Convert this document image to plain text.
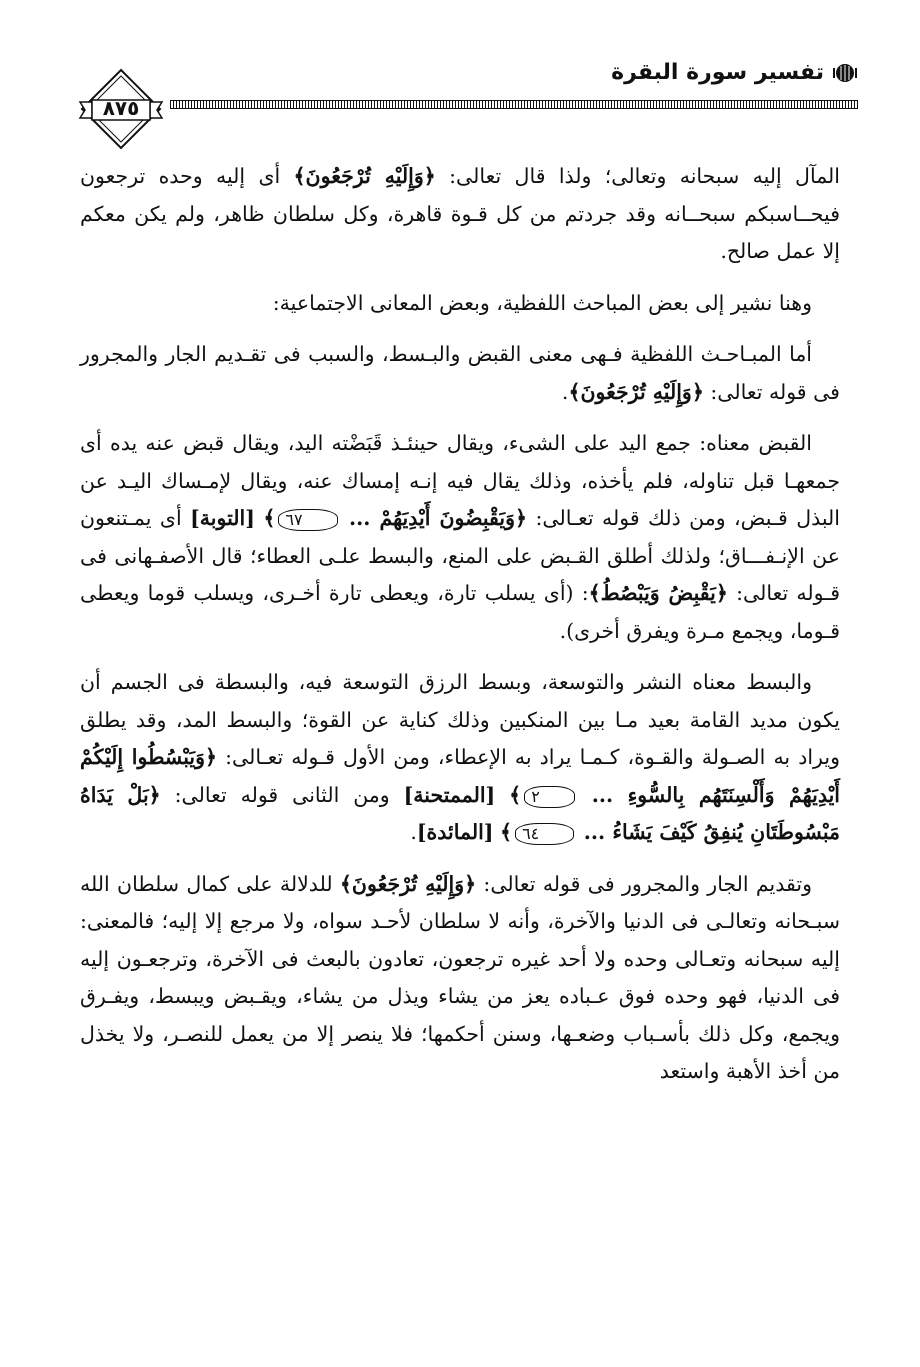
تفسير سورة البقرة
٨٧٥

المآل إليه سبحانه وتعالى؛ ولذا قال تعالى: ﴿وَإِلَيْهِ تُرْجَعُونَ﴾ أى إليه وحده ترجعون فيحــاسبكم سبحــانه وقد جردتم من كل قـوة قاهرة، وكل سلطان ظاهر، ولم يكن معكم إلا عمل صالح.

وهنا نشير إلى بعض المباحث اللفظية، وبعض المعانى الاجتماعية:

أما المبـاحـث اللفظية فـهى معنى القبض والبـسط، والسبب فى تقـديم الجار والمجرور فى قوله تعالى: ﴿وَإِلَيْهِ تُرْجَعُونَ﴾.

القبض معناه: جمع اليد على الشىء، ويقال حينئـذ قَبَضْته اليد، ويقال قبض عنه يده أى جمعهـا قبل تناوله، فلم يأخذه، وذلك يقال فيه إنـه إمساك عنه، ويقال لإمـساك اليـد عن البذل قـبض، ومن ذلك قوله تعـالى: ﴿وَيَقْبِضُونَ أَيْدِيَهُمْ ... ٦٧﴾ [التوبة] أى يمـتنعون عن الإنـفـــاق؛ ولذلك أطلق القـبض على المنع، والبسط علـى العطاء؛ قال الأصفـهانى فى قـوله تعالى: ﴿يَقْبِضُ وَيَبْصُطُ﴾: (أى يسلب تارة، ويعطى تارة أخـرى، ويسلب قوما ويعطى قـوما، ويجمع مـرة ويفرق أخرى).

والبسط معناه النشر والتوسعة، وبسط الرزق التوسعة فيه، والبسطة فى الجسم أن يكون مديد القامة بعيد مـا بين المنكبين وذلك كناية عن القوة؛ والبسط المد، وقد يطلق ويراد به الصـولة والقـوة، كـمـا يراد به الإعطاء، ومن الأول قـوله تعـالى: ﴿وَيَبْسُطُوا إِلَيْكُمْ أَيْدِيَهُمْ وَأَلْسِنَتَهُم بِالسُّوءِ ... ٢﴾ [الممتحنة] ومن الثانى قوله تعالى: ﴿بَلْ يَدَاهُ مَبْسُوطَتَانِ يُنفِقُ كَيْفَ يَشَاءُ ... ٦٤﴾ [المائدة].

وتقديم الجار والمجرور فى قوله تعالى: ﴿وَإِلَيْهِ تُرْجَعُونَ﴾ للدلالة على كمال سلطان الله سبـحانه وتعالـى فى الدنيا والآخرة، وأنه لا سلطان لأحـد سواه، ولا مرجع إلا إليه؛ فالمعنى: إليه سبحانه وتعـالى وحده ولا أحد غيره ترجعون، تعادون بالبعث فى الآخرة، وترجعـون إليه فى الدنيا، فهو وحده فوق عـباده يعز من يشاء ويذل من يشاء، ويقـبض ويبسط، ويفـرق ويجمع، وكل ذلك بأسـباب وضعـها، وسنن أحكمها؛ فلا ينصر إلا من يعمل للنصـر، ولا يخذل من أخذ الأهبة واستعد
